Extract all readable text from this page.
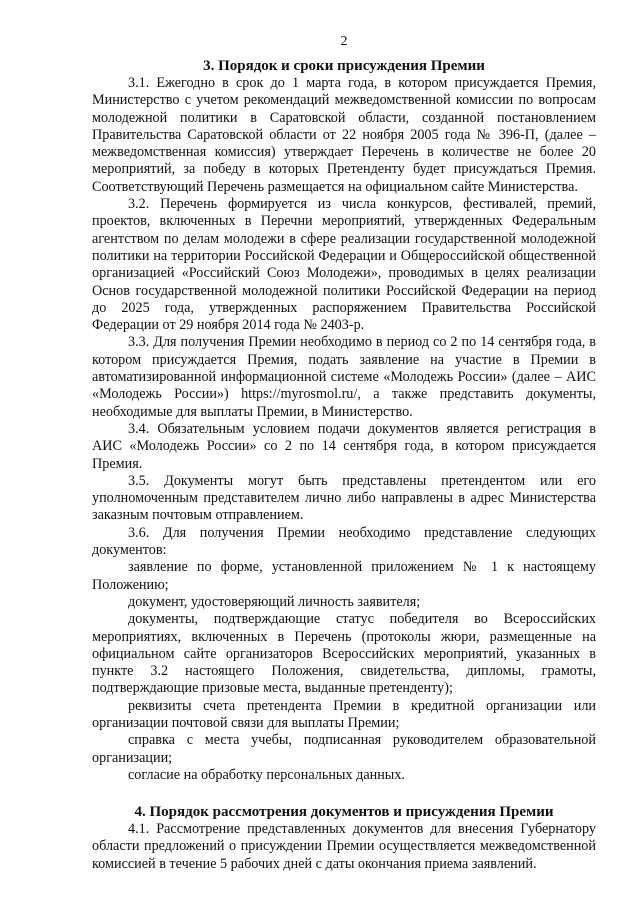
2
3. Порядок и сроки присуждения Премии

3.1. Ежегодно в срок до 1 марта года, в котором присуждается Премия, Министерство с учетом рекомендаций межведомственной комиссии по вопросам молодежной политики в Саратовской области, созданной постановлением Правительства Саратовской области от 22 ноября 2005 года № 396-П, (далее – межведомственная комиссия) утверждает Перечень в количестве не более 20 мероприятий, за победу в которых Претенденту будет присуждаться Премия. Соответствующий Перечень размещается на официальном сайте Министерства.

3.2. Перечень формируется из числа конкурсов, фестивалей, премий, проектов, включенных в Перечни мероприятий, утвержденных Федеральным агентством по делам молодежи в сфере реализации государственной молодежной политики на территории Российской Федерации и Общероссийской общественной организацией «Российский Союз Молодежи», проводимых в целях реализации Основ государственной молодежной политики Российской Федерации на период до 2025 года, утвержденных распоряжением Правительства Российской Федерации от 29 ноября 2014 года № 2403-р.

3.3. Для получения Премии необходимо в период со 2 по 14 сентября года, в котором присуждается Премия, подать заявление на участие в Премии в автоматизированной информационной системе «Молодежь России» (далее – АИС «Молодежь России») https://myrosmol.ru/, а также представить документы, необходимые для выплаты Премии, в Министерство.

3.4. Обязательным условием подачи документов является регистрация в АИС «Молодежь России» со 2 по 14 сентября года, в котором присуждается Премия.

3.5. Документы могут быть представлены претендентом или его уполномоченным представителем лично либо направлены в адрес Министерства заказным почтовым отправлением.

3.6. Для получения Премии необходимо представление следующих документов:

заявление по форме, установленной приложением № 1 к настоящему Положению;

документ, удостоверяющий личность заявителя;

документы, подтверждающие статус победителя во Всероссийских мероприятиях, включенных в Перечень (протоколы жюри, размещенные на официальном сайте организаторов Всероссийских мероприятий, указанных в пункте 3.2 настоящего Положения, свидетельства, дипломы, грамоты, подтверждающие призовые места, выданные претенденту);

реквизиты счета претендента Премии в кредитной организации или организации почтовой связи для выплаты Премии;

справка с места учебы, подписанная руководителем образовательной организации;

согласие на обработку персональных данных.

4. Порядок рассмотрения документов и присуждения Премии

4.1. Рассмотрение представленных документов для внесения Губернатору области предложений о присуждении Премии осуществляется межведомственной комиссией в течение 5 рабочих дней с даты окончания приема заявлений.
